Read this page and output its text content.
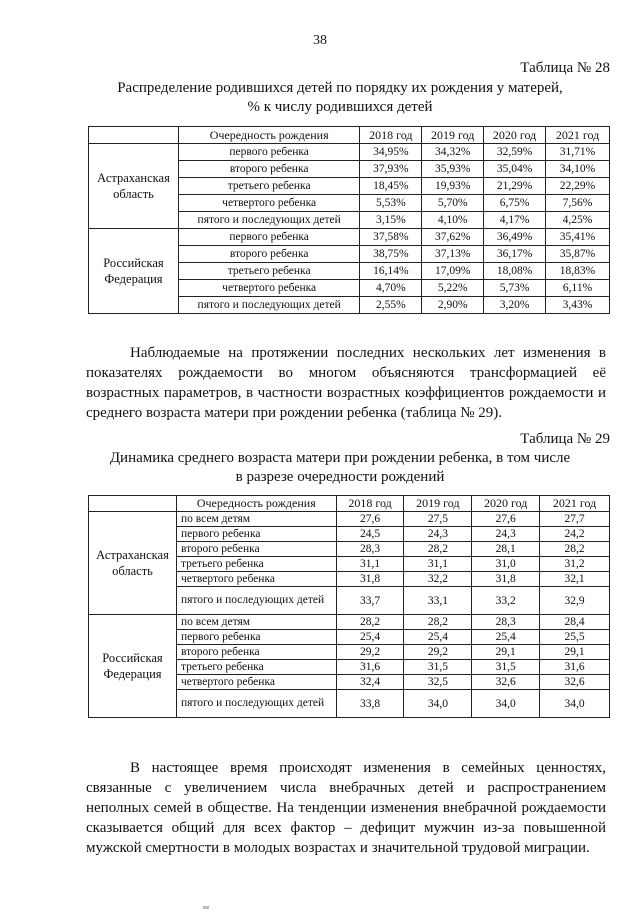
38
Таблица № 28
Распределение родившихся детей по порядку их рождения у матерей,
% к числу родившихся детей
	Очередность рождения	2018 год	2019 год	2020 год	2021 год
Астраханская область	первого ребенка	34,95%	34,32%	32,59%	31,71%
	второго ребенка	37,93%	35,93%	35,04%	34,10%
	третьего ребенка	18,45%	19,93%	21,29%	22,29%
	четвертого ребенка	5,53%	5,70%	6,75%	7,56%
	пятого и последующих детей	3,15%	4,10%	4,17%	4,25%
Российская Федерация	первого ребенка	37,58%	37,62%	36,49%	35,41%
	второго ребенка	38,75%	37,13%	36,17%	35,87%
	третьего ребенка	16,14%	17,09%	18,08%	18,83%
	четвертого ребенка	4,70%	5,22%	5,73%	6,11%
	пятого и последующих детей	2,55%	2,90%	3,20%	3,43%
Наблюдаемые на протяжении последних нескольких лет изменения в показателях рождаемости во многом объясняются трансформацией её возрастных параметров, в частности возрастных коэффициентов рождаемости и среднего возраста матери при рождении ребенка (таблица № 29).
Таблица № 29
Динамика среднего возраста матери при рождении ребенка, в том числе
в разрезе очередности рождений
	Очередность рождения	2018 год	2019 год	2020 год	2021 год
Астраханская область	по всем детям	27,6	27,5	27,6	27,7
	первого ребенка	24,5	24,3	24,3	24,2
	второго ребенка	28,3	28,2	28,1	28,2
	третьего ребенка	31,1	31,1	31,0	31,2
	четвертого ребенка	31,8	32,2	31,8	32,1
	пятого и последующих детей	33,7	33,1	33,2	32,9
Российская Федерация	по всем детям	28,2	28,2	28,3	28,4
	первого ребенка	25,4	25,4	25,4	25,5
	второго ребенка	29,2	29,2	29,1	29,1
	третьего ребенка	31,6	31,5	31,5	31,6
	четвертого ребенка	32,4	32,5	32,6	32,6
	пятого и последующих детей	33,8	34,0	34,0	34,0
В настоящее время происходят изменения в семейных ценностях, связанные с увеличением числа внебрачных детей и распространением неполных семей в обществе. На тенденции изменения внебрачной рождаемости сказывается общий для всех фактор – дефицит мужчин из-за повышенной мужской смертности в молодых возрастах и значительной трудовой миграции.
